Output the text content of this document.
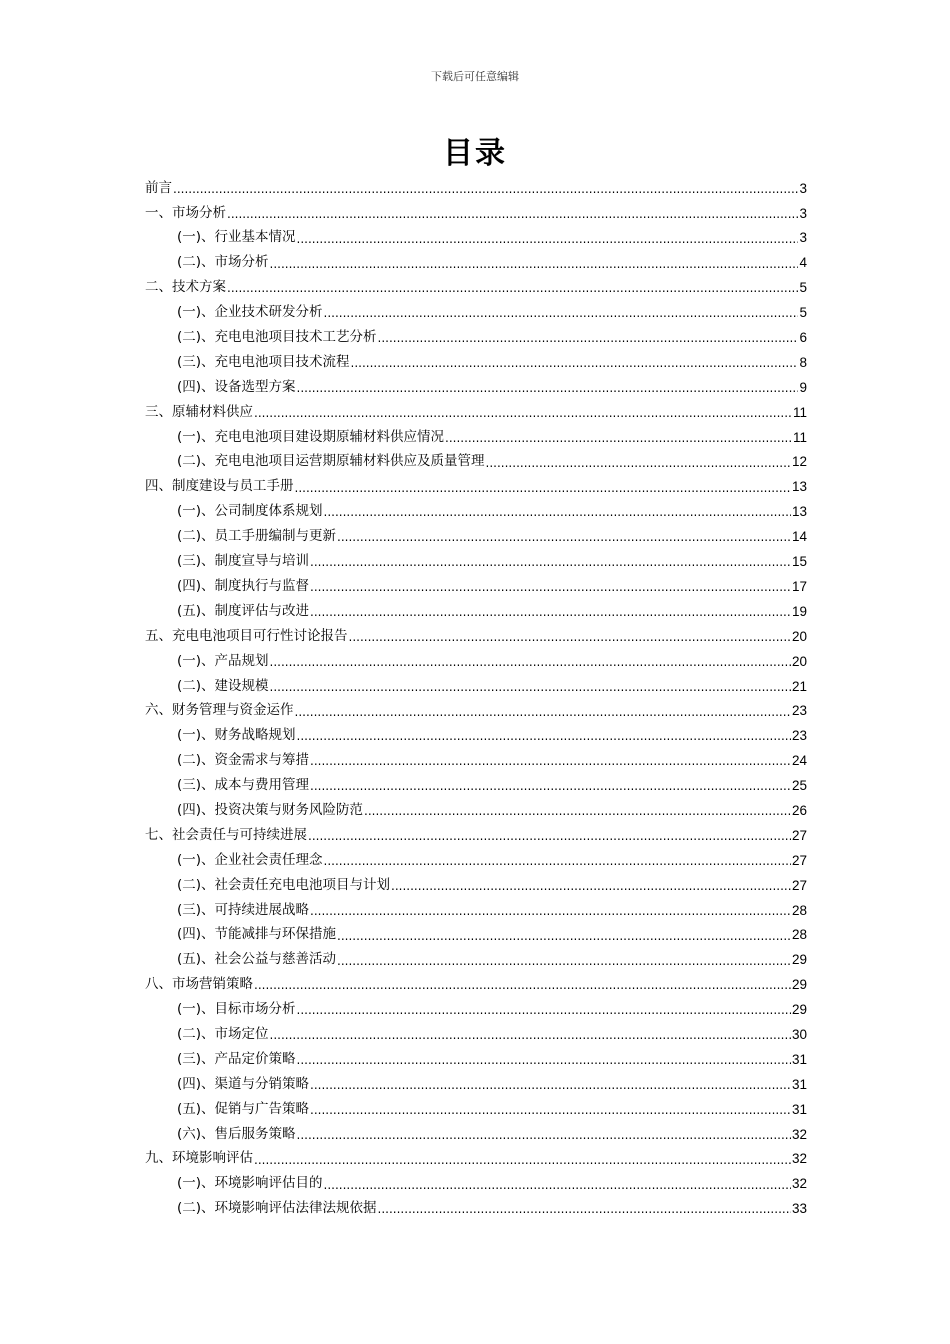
下载后可任意编辑
目录
前言 .....	3
一、市场分析 .....	3
(一)、行业基本情况 .....	3
(二)、市场分析 .....	4
二、技术方案 .....	5
(一)、企业技术研发分析 .....	5
(二)、充电电池项目技术工艺分析 .....	6
(三)、充电电池项目技术流程 .....	8
(四)、设备选型方案 .....	9
三、原辅材料供应 .....	11
(一)、充电电池项目建设期原辅材料供应情况 .....	11
(二)、充电电池项目运营期原辅材料供应及质量管理 .....	12
四、制度建设与员工手册 .....	13
(一)、公司制度体系规划 .....	13
(二)、员工手册编制与更新 .....	14
(三)、制度宣导与培训 .....	15
(四)、制度执行与监督 .....	17
(五)、制度评估与改进 .....	19
五、充电电池项目可行性讨论报告 .....	20
(一)、产品规划 .....	20
(二)、建设规模 .....	21
六、财务管理与资金运作 .....	23
(一)、财务战略规划 .....	23
(二)、资金需求与筹措 .....	24
(三)、成本与费用管理 .....	25
(四)、投资决策与财务风险防范 .....	26
七、社会责任与可持续进展 .....	27
(一)、企业社会责任理念 .....	27
(二)、社会责任充电电池项目与计划 .....	27
(三)、可持续进展战略 .....	28
(四)、节能减排与环保措施 .....	28
(五)、社会公益与慈善活动 .....	29
八、市场营销策略 .....	29
(一)、目标市场分析 .....	29
(二)、市场定位 .....	30
(三)、产品定价策略 .....	31
(四)、渠道与分销策略 .....	31
(五)、促销与广告策略 .....	31
(六)、售后服务策略 .....	32
九、环境影响评估 .....	32
(一)、环境影响评估目的 .....	32
(二)、环境影响评估法律法规依据 .....	33
